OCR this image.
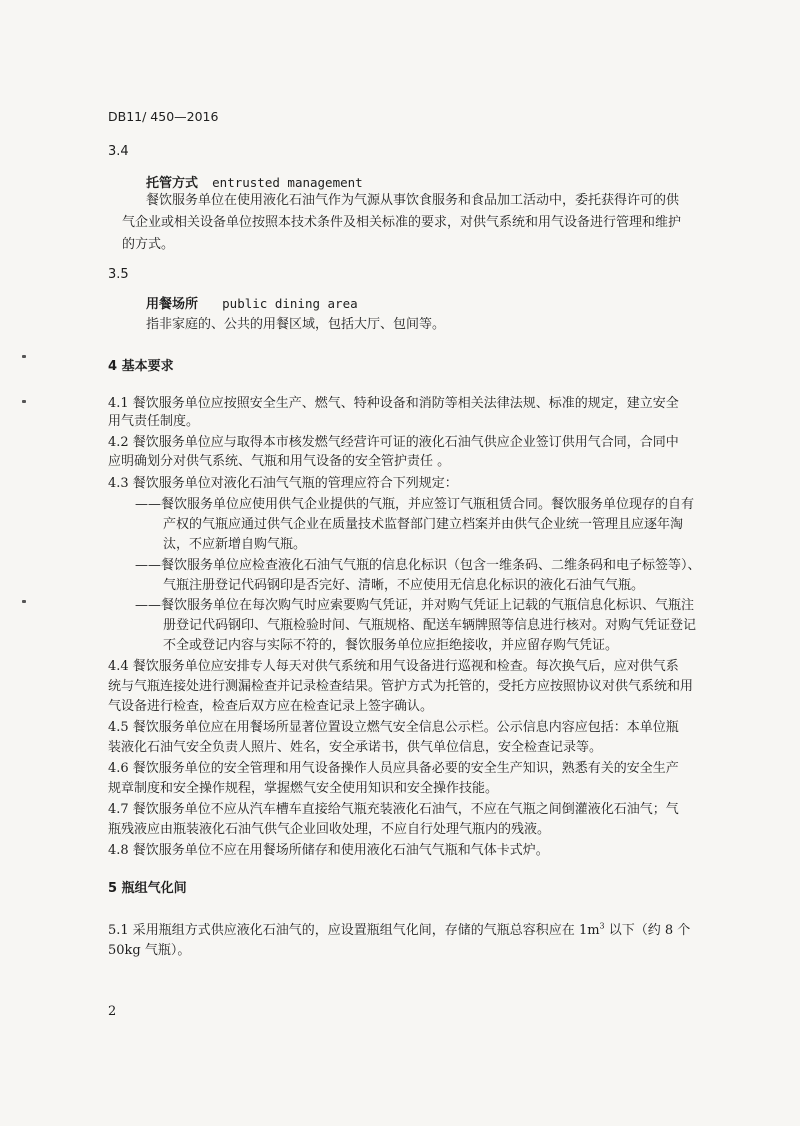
DB11/ 450—2016
3.4
托管方式 entrusted management
餐饮服务单位在使用液化石油气作为气源从事饮食服务和食品加工活动中，委托获得许可的供
气企业或相关设备单位按照本技术条件及相关标准的要求，对供气系统和用气设备进行管理和维护
的方式。
3.5
用餐场所 public dining area
指非家庭的、公共的用餐区域，包括大厅、包间等。
4 基本要求
4.1 餐饮服务单位应按照安全生产、燃气、特种设备和消防等相关法律法规、标准的规定，建立安全
用气责任制度。
4.2 餐饮服务单位应与取得本市核发燃气经营许可证的液化石油气供应企业签订供用气合同，合同中
应明确划分对供气系统、气瓶和用气设备的安全管护责任 。
4.3 餐饮服务单位对液化石油气气瓶的管理应符合下列规定：
——餐饮服务单位应使用供气企业提供的气瓶，并应签订气瓶租赁合同。餐饮服务单位现存的自有
产权的气瓶应通过供气企业在质量技术监督部门建立档案并由供气企业统一管理且应逐年淘
汰，不应新增自购气瓶。
——餐饮服务单位应检查液化石油气气瓶的信息化标识（包含一维条码、二维条码和电子标签等）、
气瓶注册登记代码钢印是否完好、清晰，不应使用无信息化标识的液化石油气气瓶。
——餐饮服务单位在每次购气时应索要购气凭证，并对购气凭证上记载的气瓶信息化标识、气瓶注
册登记代码钢印、气瓶检验时间、气瓶规格、配送车辆牌照等信息进行核对。对购气凭证登记
不全或登记内容与实际不符的，餐饮服务单位应拒绝接收，并应留存购气凭证。
4.4 餐饮服务单位应安排专人每天对供气系统和用气设备进行巡视和检查。每次换气后，应对供气系
统与气瓶连接处进行测漏检查并记录检查结果。管护方式为托管的，受托方应按照协议对供气系统和用
气设备进行检查，检查后双方应在检查记录上签字确认。
4.5 餐饮服务单位应在用餐场所显著位置设立燃气安全信息公示栏。公示信息内容应包括：本单位瓶
装液化石油气安全负责人照片、姓名，安全承诺书，供气单位信息，安全检查记录等。
4.6 餐饮服务单位的安全管理和用气设备操作人员应具备必要的安全生产知识，熟悉有关的安全生产
规章制度和安全操作规程，掌握燃气安全使用知识和安全操作技能。
4.7 餐饮服务单位不应从汽车槽车直接给气瓶充装液化石油气，不应在气瓶之间倒灌液化石油气；气
瓶残液应由瓶装液化石油气供气企业回收处理，不应自行处理气瓶内的残液。
4.8 餐饮服务单位不应在用餐场所储存和使用液化石油气气瓶和气体卡式炉。
5 瓶组气化间
5.1 采用瓶组方式供应液化石油气的，应设置瓶组气化间，存储的气瓶总容积应在 $1m^3$ 以下（约 8 个
50kg 气瓶）。
2
